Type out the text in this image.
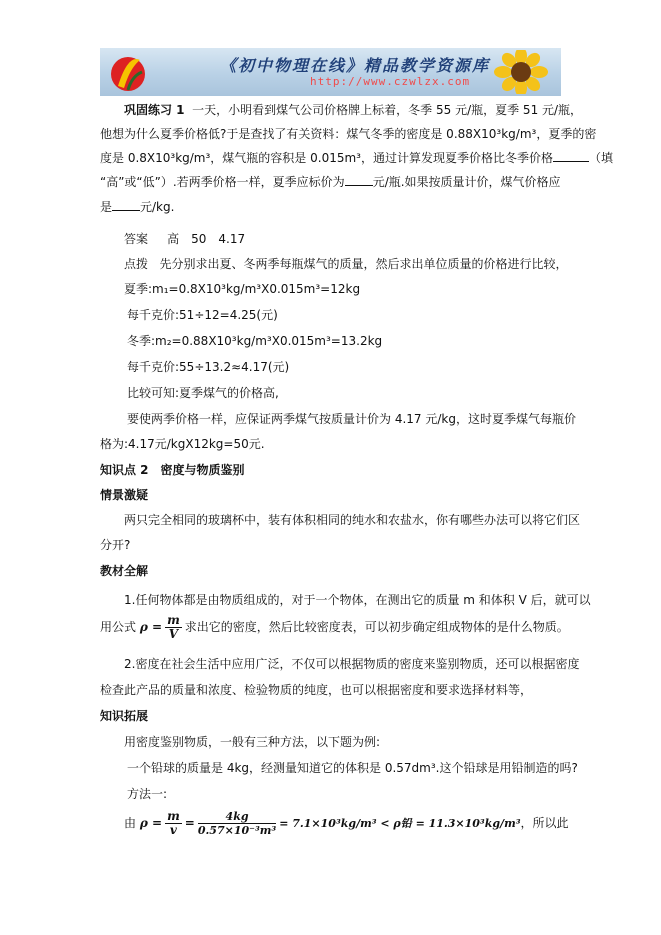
《初中物理在线》精品教学资源库
http://www.czwlzx.com
巩固练习 1 一天，小明看到煤气公司价格牌上标着，冬季 55 元/瓶，夏季 51 元/瓶，
他想为什么夏季价格低?于是查找了有关资料：煤气冬季的密度是 0.88X10³kg/m³，夏季的密
度是 0.8X10³kg/m³，煤气瓶的容积是 0.015m³，通过计算发现夏季价格比冬季价格	（填
“高”或“低”）.若两季价格一样，夏季应标价为 元/瓶.如果按质量计价，煤气价格应
是 元/kg.
答案 高　50　4.17
点拨 先分别求出夏、冬两季每瓶煤气的质量，然后求出单位质量的价格进行比较，
夏季:m₁=0.8X10³kg/m³X0.015m³=12kg
每千克价:51÷12=4.25(元)
冬季:m₂=0.88X10³kg/m³X0.015m³=13.2kg
每千克价:55÷13.2≈4.17(元)
比较可知:夏季煤气的价格高,
要使两季价格一样，应保证两季煤气按质量计价为 4.17 元/kg，这时夏季煤气每瓶价
格为:4.17元/kgX12kg=50元.
知识点 2　密度与物质鉴别
情景激疑
两只完全相同的玻璃杯中，装有体积相同的纯水和农盐水，你有哪些办法可以将它们区
分开?
教材全解
1.任何物体都是由物质组成的，对于一个物体，在测出它的质量 m 和体积 V 后，就可以
用公式 $\rho = \frac{m}{V}$ 求出它的密度，然后比较密度表，可以初步确定组成物体的是什么物质。
2.密度在社会生活中应用广泛，不仅可以根据物质的密度来鉴别物质，还可以根据密度
检查此产品的质量和浓度、检验物质的纯度，也可以根据密度和要求选择材料等，
知识拓展
用密度鉴别物质，一般有三种方法，以下题为例:
一个铅球的质量是 4kg，经测量知道它的体积是 0.57dm³.这个铅球是用铅制造的吗?
方法一:
由 $\rho = \frac{m}{v} = \frac{4kg}{\text{0.57×10⁻³m³}} = 7.1\times 10^3kg/m^3 < \rho$铅 = 11.3×10³kg/m³，所以此
